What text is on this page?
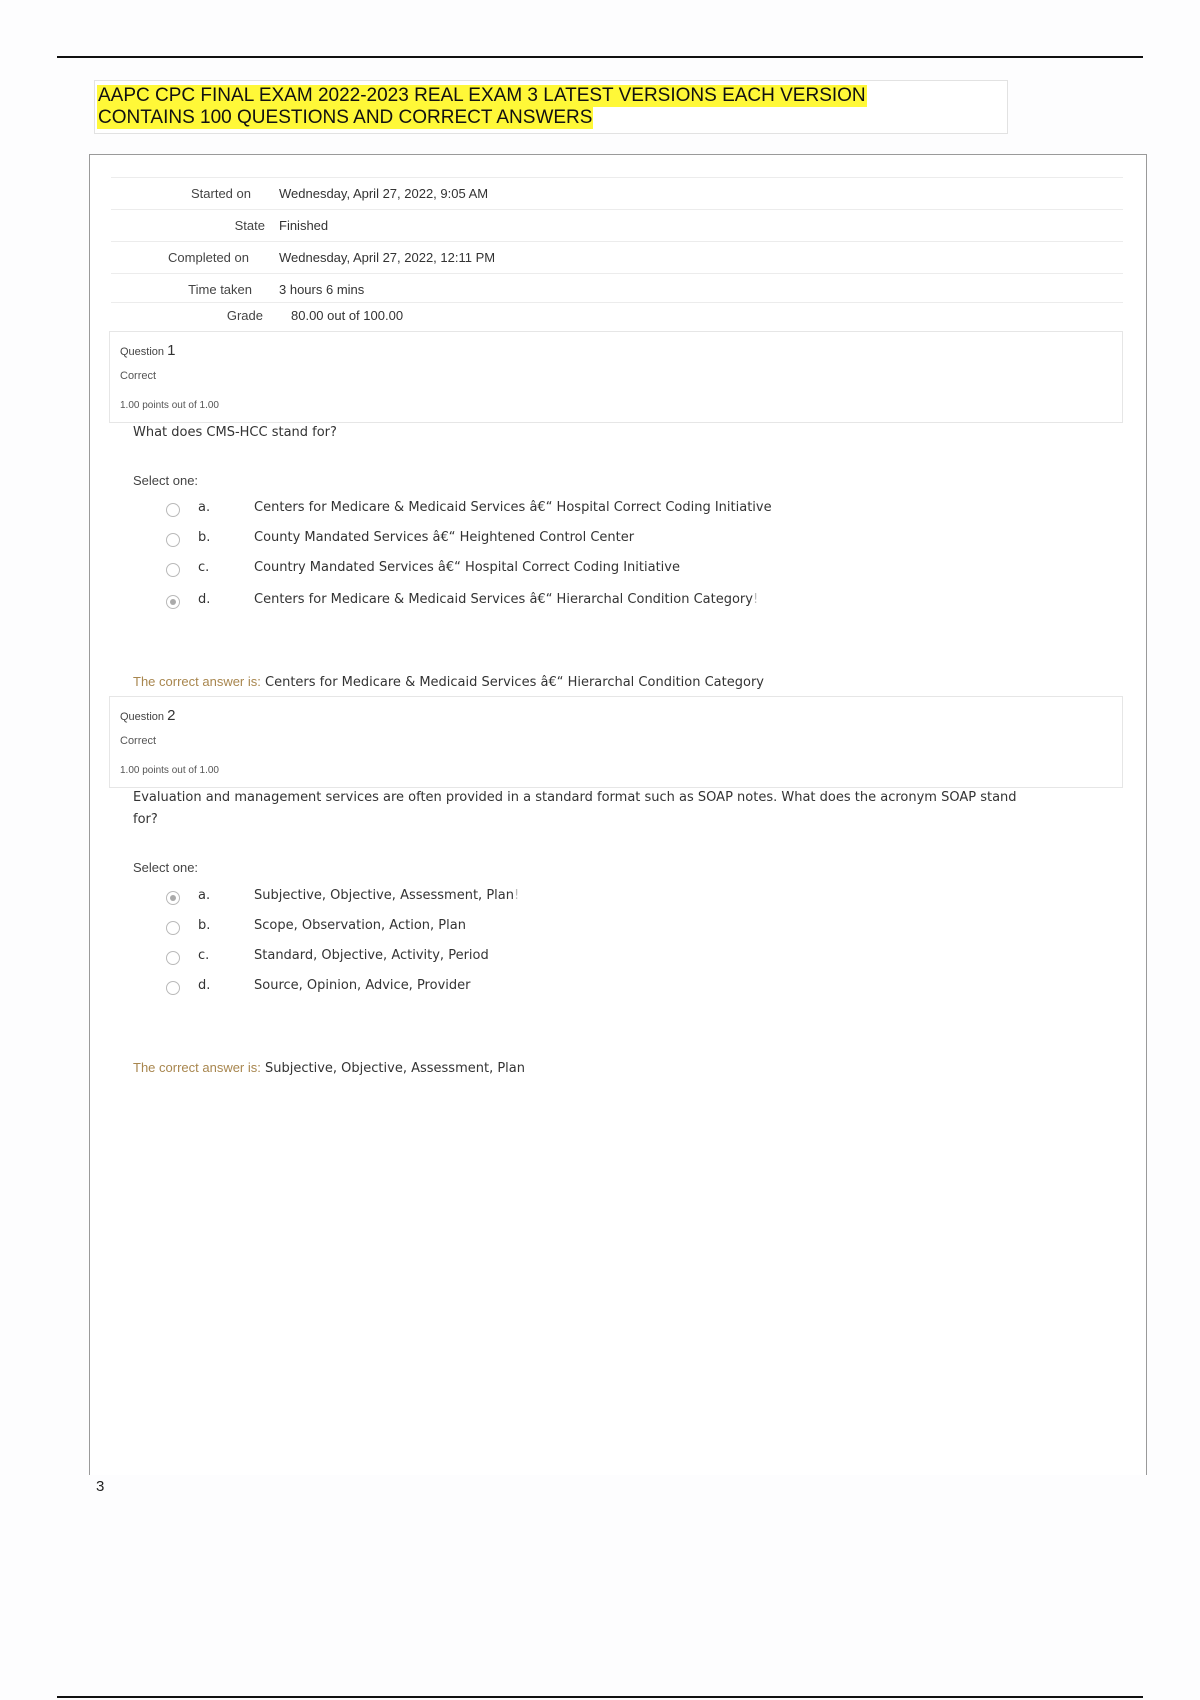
AAPC CPC FINAL EXAM 2022-2023 REAL EXAM 3 LATEST VERSIONS EACH VERSION
CONTAINS 100 QUESTIONS AND CORRECT ANSWERS
Started on Wednesday, April 27, 2022, 9:05 AM
State Finished
Completed on Wednesday, April 27, 2022, 12:11 PM
Time taken 3 hours 6 mins
Grade 80.00 out of 100.00
Question 1
Correct
1.00 points out of 1.00
What does CMS-HCC stand for?
Select one:
a.	Centers for Medicare & Medicaid Services â€“ Hospital Correct Coding Initiative
b.	County Mandated Services â€“ Heightened Control Center
c.	Country Mandated Services â€“ Hospital Correct Coding Initiative
d.	Centers for Medicare & Medicaid Services â€“ Hierarchal Condition Category!
The correct answer is: Centers for Medicare & Medicaid Services â€“ Hierarchal Condition Category
Question 2
Correct
1.00 points out of 1.00
Evaluation and management services are often provided in a standard format such as SOAP notes. What does the acronym SOAP stand
for?
Select one:
a.	Subjective, Objective, Assessment, Plan!
b.	Scope, Observation, Action, Plan
c.	Standard, Objective, Activity, Period
d.	Source, Opinion, Advice, Provider
The correct answer is: Subjective, Objective, Assessment, Plan
3
